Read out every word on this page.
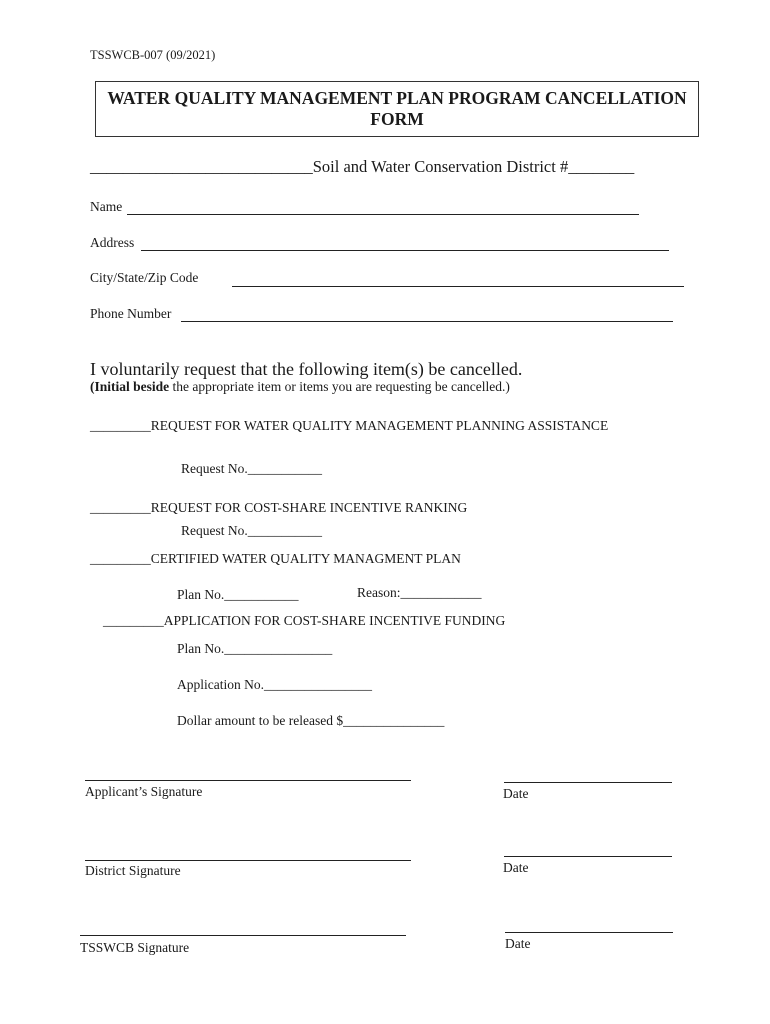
TSSWCB-007 (09/2021)
WATER QUALITY MANAGEMENT PLAN PROGRAM CANCELLATION
FORM
___________________________Soil and Water Conservation District #________
Name
Address
City/State/Zip Code
Phone Number
I voluntarily request that the following item(s) be cancelled.
(Initial beside the appropriate item or items you are requesting be cancelled.)
_________REQUEST FOR WATER QUALITY MANAGEMENT PLANNING ASSISTANCE
Request No.___________
_________REQUEST FOR COST-SHARE INCENTIVE RANKING
Request No.___________
_________CERTIFIED WATER QUALITY MANAGMENT PLAN
Plan No.___________	Reason:____________
_________APPLICATION FOR COST-SHARE INCENTIVE FUNDING
Plan No.________________
Application No.________________
Dollar amount to be released $_______________
Applicant’s Signature	Date
District Signature	Date
TSSWCB Signature	Date
